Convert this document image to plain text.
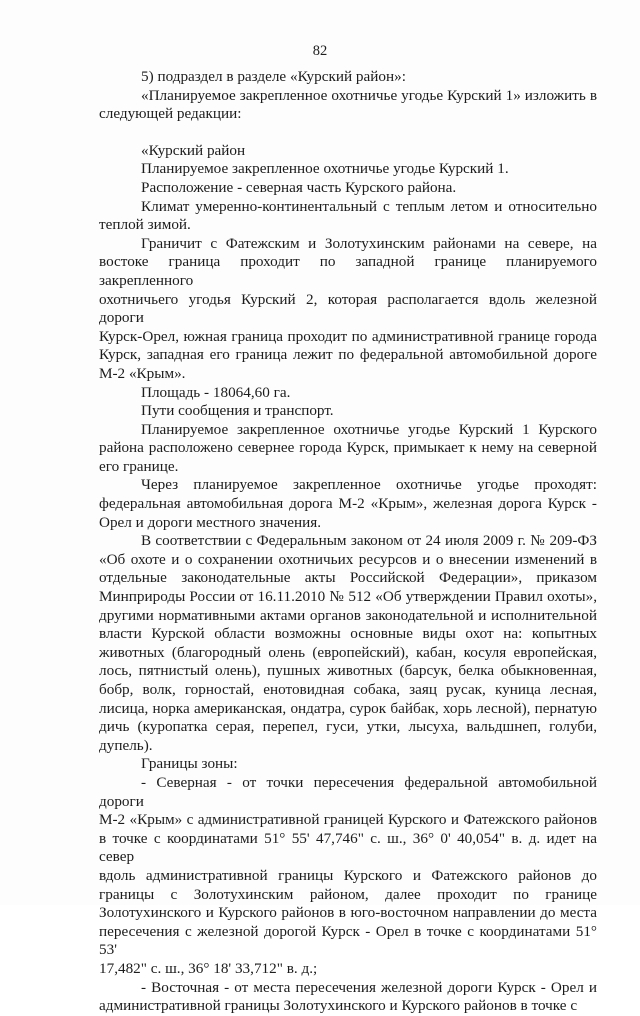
82
5) подраздел в разделе «Курский район»:
«Планируемое закрепленное охотничье угодье Курский 1» изложить в
следующей редакции:
«Курский район
Планируемое закрепленное охотничье угодье Курский 1.
Расположение - северная часть Курского района.
Климат умеренно-континентальный с теплым летом и относительно
теплой зимой.
Граничит с Фатежским и Золотухинским районами на севере, на
востоке граница проходит по западной границе планируемого закрепленного
охотничьего угодья Курский 2, которая располагается вдоль железной дороги
Курск-Орел, южная граница проходит по административной границе города
Курск, западная его граница лежит по федеральной автомобильной дороге
М-2 «Крым».
Площадь - 18064,60 га.
Пути сообщения и транспорт.
Планируемое закрепленное охотничье угодье Курский 1 Курского
района расположено севернее города Курск, примыкает к нему на северной
его границе.
Через планируемое закрепленное охотничье угодье проходят:
федеральная автомобильная дорога М-2 «Крым», железная дорога Курск -
Орел и дороги местного значения.
В соответствии с Федеральным законом от 24 июля 2009 г. № 209-ФЗ
«Об охоте и о сохранении охотничьих ресурсов и о внесении изменений в
отдельные законодательные акты Российской Федерации», приказом
Минприроды России от 16.11.2010 № 512 «Об утверждении Правил охоты»,
другими нормативными актами органов законодательной и исполнительной
власти Курской области возможны основные виды охот на: копытных
животных (благородный олень (европейский), кабан, косуля европейская,
лось, пятнистый олень), пушных животных (барсук, белка обыкновенная,
бобр, волк, горностай, енотовидная собака, заяц русак, куница лесная,
лисица, норка американская, ондатра, сурок байбак, хорь лесной), пернатую
дичь (куропатка серая, перепел, гуси, утки, лысуха, вальдшнеп, голуби,
дупель).
Границы зоны:
- Северная - от точки пересечения федеральной автомобильной дороги
М-2 «Крым» с административной границей Курского и Фатежского районов
в точке с координатами 51° 55' 47,746" с. ш., 36° 0' 40,054" в. д. идет на север
вдоль административной границы Курского и Фатежского районов до
границы с Золотухинским районом, далее проходит по границе
Золотухинского и Курского районов в юго-восточном направлении до места
пересечения с железной дорогой Курск - Орел в точке с координатами 51° 53'
17,482" с. ш., 36° 18' 33,712" в. д.;
- Восточная - от места пересечения железной дороги Курск - Орел и
административной границы Золотухинского и Курского районов в точке с
